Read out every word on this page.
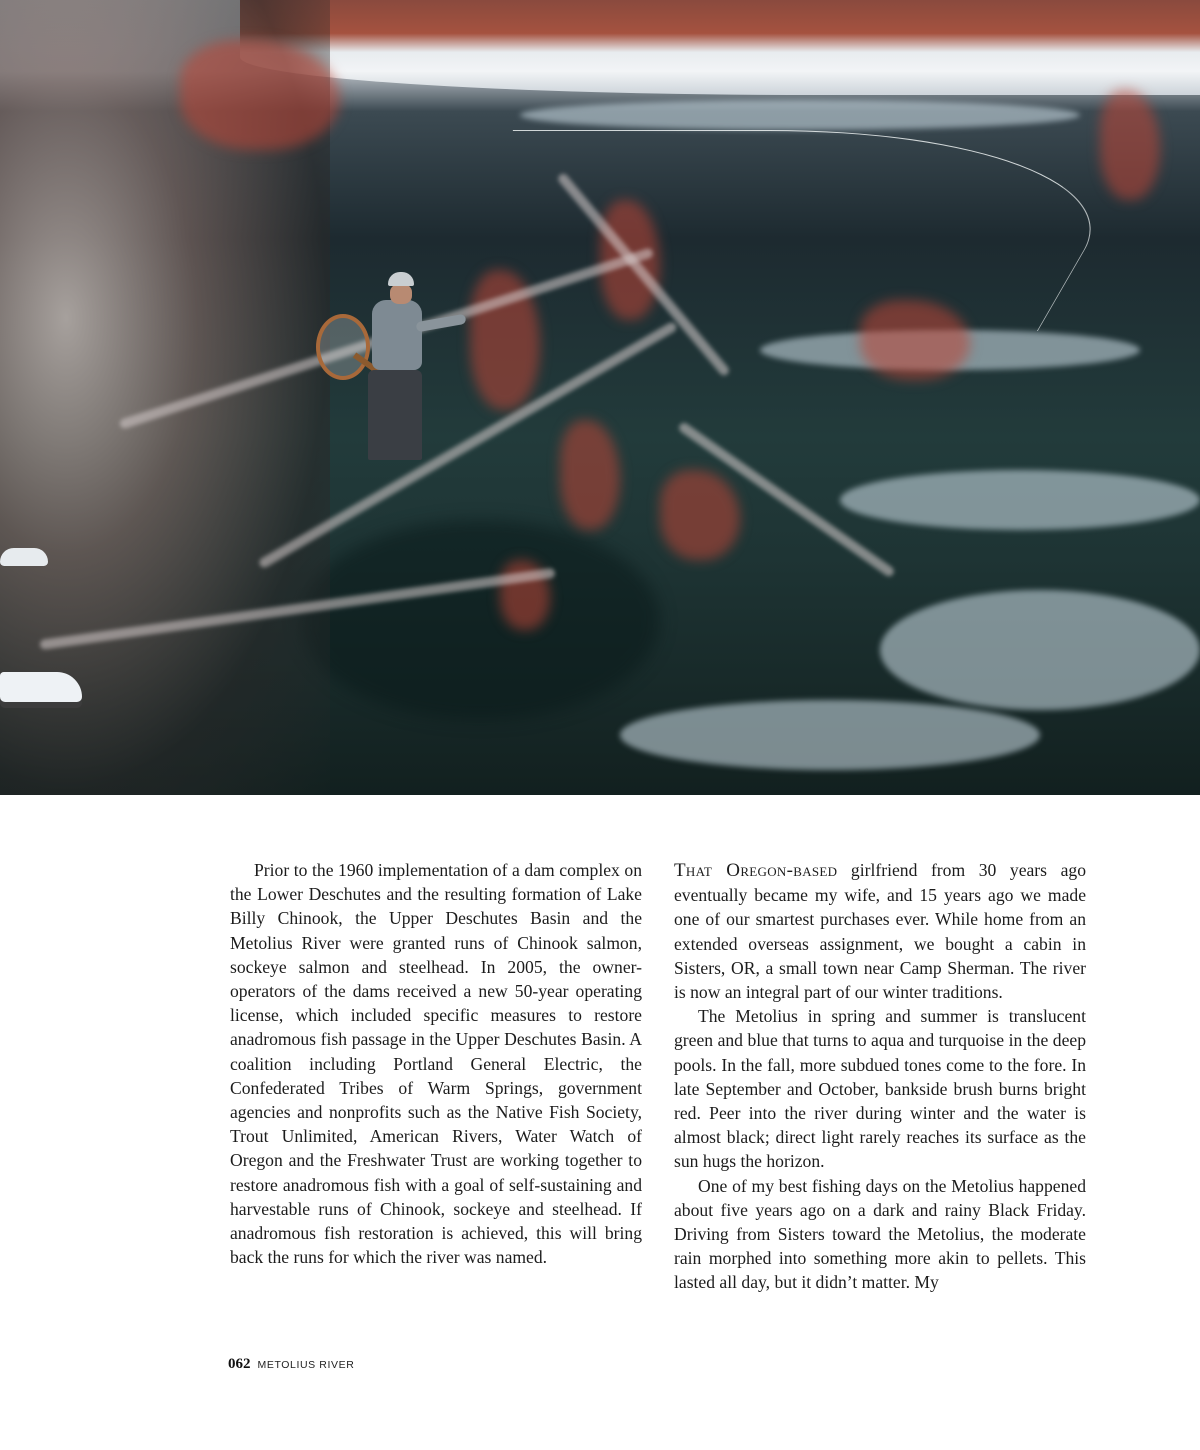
Prior to the 1960 implementation of a dam complex on the Lower Deschutes and the resulting formation of Lake Billy Chinook, the Upper Deschutes Basin and the Metolius River were granted runs of Chinook salmon, sockeye salmon and steelhead. In 2005, the owner-operators of the dams received a new 50-year operating license, which included specific measures to restore anadromous fish passage in the Upper Deschutes Basin. A coalition including Portland General Electric, the Confederated Tribes of Warm Springs, government agencies and nonprofits such as the Native Fish Society, Trout Unlimited, American Rivers, Water Watch of Oregon and the Freshwater Trust are working together to restore anadromous fish with a goal of self-sustaining and harvestable runs of Chinook, sockeye and steelhead. If anadromous fish restoration is achieved, this will bring back the runs for which the river was named.

That Oregon-based girlfriend from 30 years ago eventually became my wife, and 15 years ago we made one of our smartest purchases ever. While home from an extended overseas assignment, we bought a cabin in Sisters, OR, a small town near Camp Sherman. The river is now an integral part of our winter traditions.

The Metolius in spring and summer is translucent green and blue that turns to aqua and turquoise in the deep pools. In the fall, more subdued tones come to the fore. In late September and October, bankside brush burns bright red. Peer into the river during winter and the water is almost black; direct light rarely reaches its surface as the sun hugs the horizon.

One of my best fishing days on the Metolius happened about five years ago on a dark and rainy Black Friday. Driving from Sisters toward the Metolius, the moderate rain morphed into something more akin to pellets. This lasted all day, but it didn’t matter. My

062 METOLIUS RIVER
